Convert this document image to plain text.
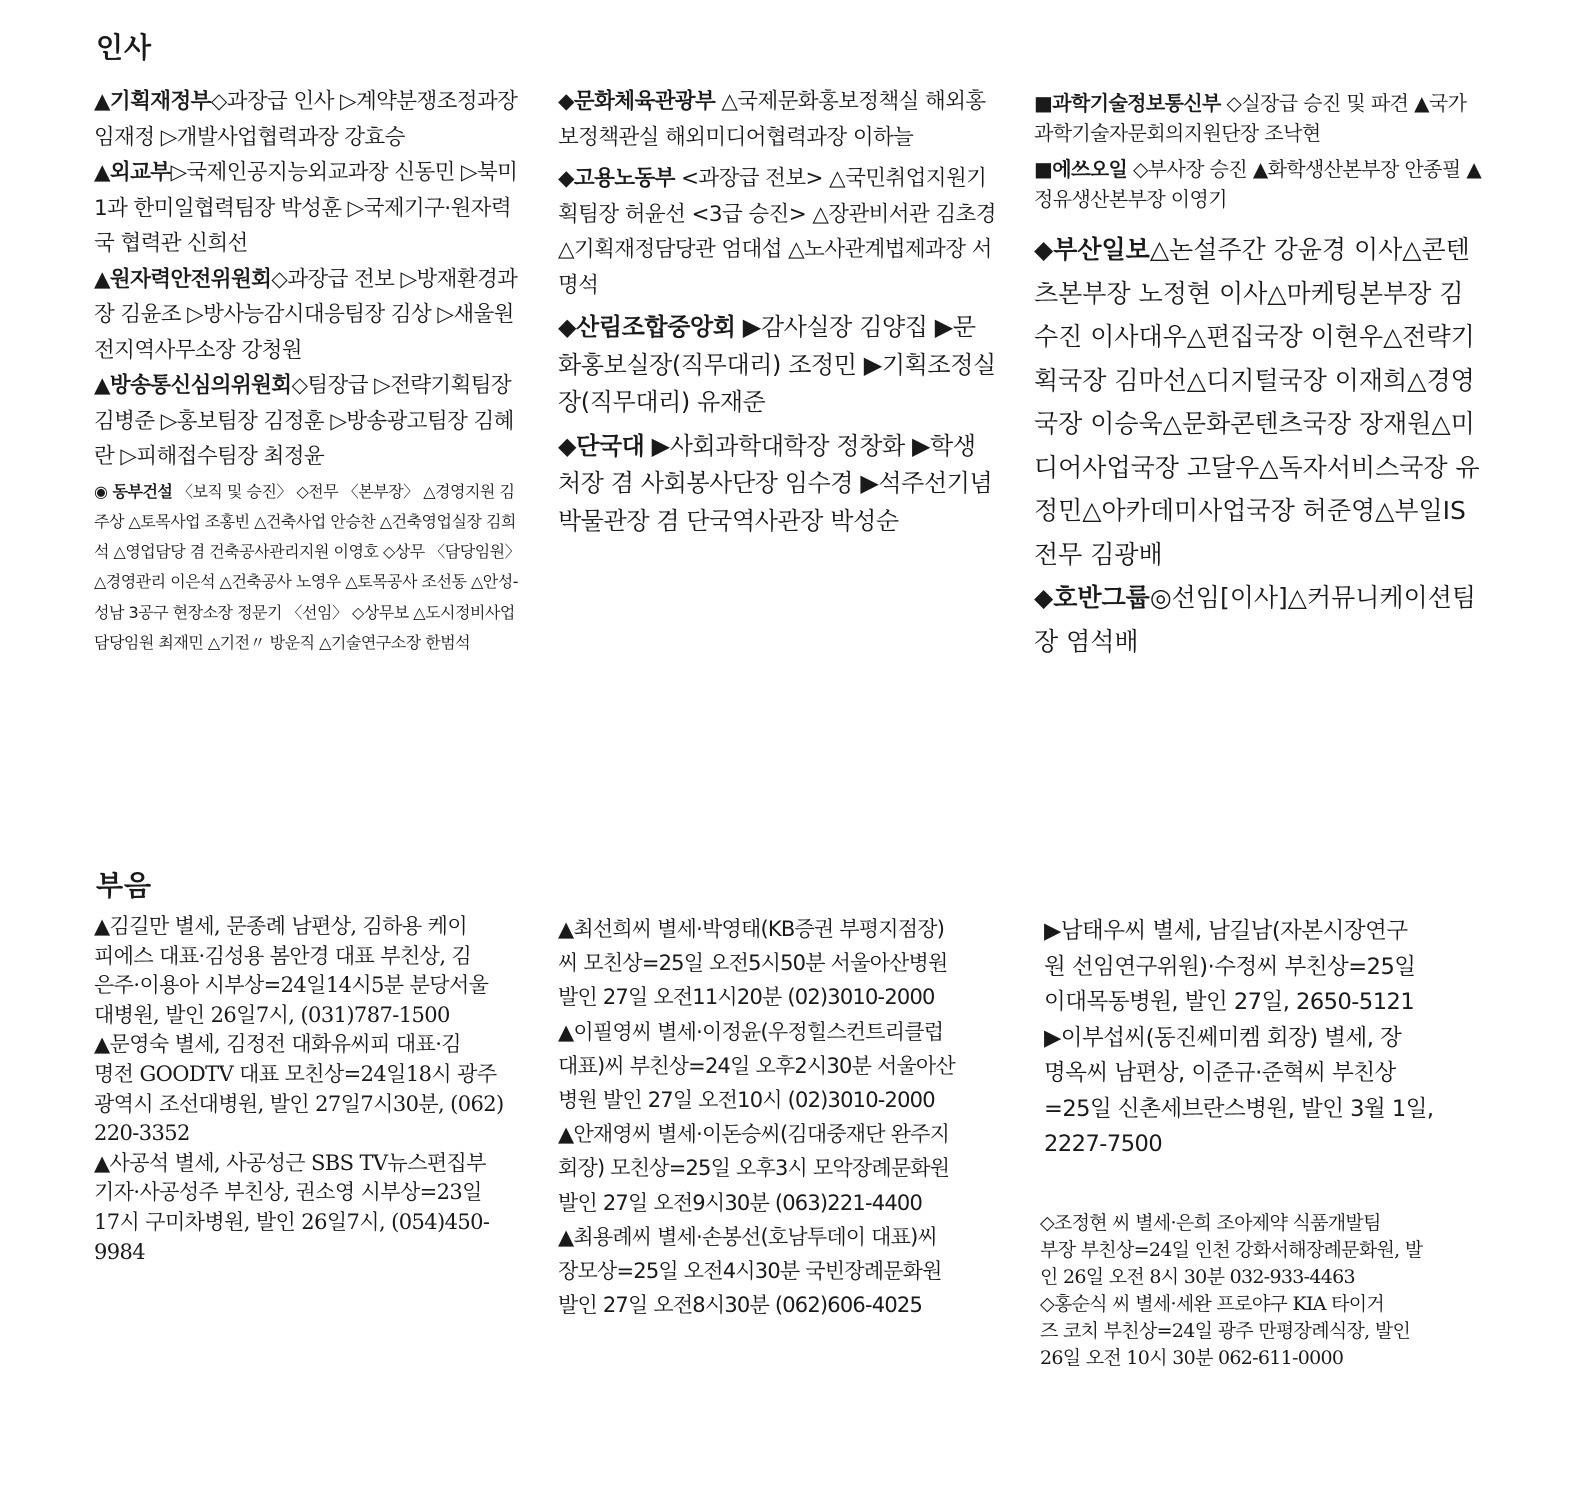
인사

▲기획재정부◇과장급 인사 ▷계약분쟁조정과장 임재정 ▷개발사업협력과장 강효승

▲외교부▷국제인공지능외교과장 신동민 ▷북미1과 한미일협력팀장 박성훈 ▷국제기구·원자력국 협력관 신희선

▲원자력안전위원회◇과장급 전보 ▷방재환경과장 김윤조 ▷방사능감시대응팀장 김상 ▷새울원전지역사무소장 강청원

▲방송통신심의위원회◇팀장급 ▷전략기획팀장 김병준 ▷홍보팀장 김정훈 ▷방송광고팀장 김혜란 ▷피해접수팀장 최정윤

◉ 동부건설 〈보직 및 승진〉 ◇전무 〈본부장〉 △경영지원 김주상 △토목사업 조홍빈 △건축사업 안승찬 △건축영업실장 김희석 △영업담당 겸 건축공사관리지원 이영호 ◇상무 〈담당임원〉 △경영관리 이은석 △건축공사 노영우 △토목공사 조선동 △안성-성남 3공구 현장소장 정문기 〈선임〉 ◇상무보 △도시정비사업담당임원 최재민 △기전〃 방운직 △기술연구소장 한범석

◆문화체육관광부 △국제문화홍보정책실 해외홍보정책관실 해외미디어협력과장 이하늘

◆고용노동부 <과장급 전보> △국민취업지원기획팀장 허윤선 <3급 승진> △장관비서관 김초경 △기획재정담당관 엄대섭 △노사관계법제과장 서명석

◆산림조합중앙회 ▶감사실장 김양집 ▶문화홍보실장(직무대리) 조정민 ▶기획조정실장(직무대리) 유재준

◆단국대 ▶사회과학대학장 정창화 ▶학생처장 겸 사회봉사단장 임수경 ▶석주선기념박물관장 겸 단국역사관장 박성순

■과학기술정보통신부 ◇실장급 승진 및 파견 ▲국가과학기술자문회의지원단장 조낙현

■에쓰오일 ◇부사장 승진 ▲화학생산본부장 안종필 ▲정유생산본부장 이영기

◆부산일보△논설주간 강윤경 이사△콘텐츠본부장 노정현 이사△마케팅본부장 김수진 이사대우△편집국장 이현우△전략기획국장 김마선△디지털국장 이재희△경영국장 이승욱△문화콘텐츠국장 장재원△미디어사업국장 고달우△독자서비스국장 유정민△아카데미사업국장 허준영△부일IS 전무 김광배

◆호반그룹◎선임[이사]△커뮤니케이션팀장 염석배

부음
▲김길만 별세, 문종례 남편상, 김하용 케이
피에스 대표·김성용 봄안경 대표 부친상, 김
은주·이용아 시부상=24일14시5분 분당서울
대병원, 발인 26일7시, (031)787-1500
▲문영숙 별세, 김정전 대화유씨피 대표·김
명전 GOODTV 대표 모친상=24일18시 광주
광역시 조선대병원, 발인 27일7시30분, (062)
220-3352
▲사공석 별세, 사공성근 SBS TV뉴스편집부
기자·사공성주 부친상, 권소영 시부상=23일
17시 구미차병원, 발인 26일7시, (054)450-
9984
▲최선희씨 별세·박영태(KB증권 부평지점장)
씨 모친상=25일 오전5시50분 서울아산병원
발인 27일 오전11시20분 (02)3010-2000
▲이필영씨 별세·이정윤(우정힐스컨트리클럽
대표)씨 부친상=24일 오후2시30분 서울아산
병원 발인 27일 오전10시 (02)3010-2000
▲안재영씨 별세·이돈승씨(김대중재단 완주지
회장) 모친상=25일 오후3시 모악장례문화원
발인 27일 오전9시30분 (063)221-4400
▲최용례씨 별세·손봉선(호남투데이 대표)씨
장모상=25일 오전4시30분 국빈장례문화원
발인 27일 오전8시30분 (062)606-4025
▶남태우씨 별세, 남길남(자본시장연구
원 선임연구위원)·수정씨 부친상=25일
이대목동병원, 발인 27일, 2650-5121
▶이부섭씨(동진쎄미켐 회장) 별세, 장
명옥씨 남편상, 이준규·준혁씨 부친상
=25일 신촌세브란스병원, 발인 3월 1일,
2227-7500
◇조정현 씨 별세·은희 조아제약 식품개발팀
부장 부친상=24일 인천 강화서해장례문화원, 발
인 26일 오전 8시 30분 032-933-4463
◇홍순식 씨 별세·세완 프로야구 KIA 타이거
즈 코치 부친상=24일 광주 만평장례식장, 발인
26일 오전 10시 30분 062-611-0000
